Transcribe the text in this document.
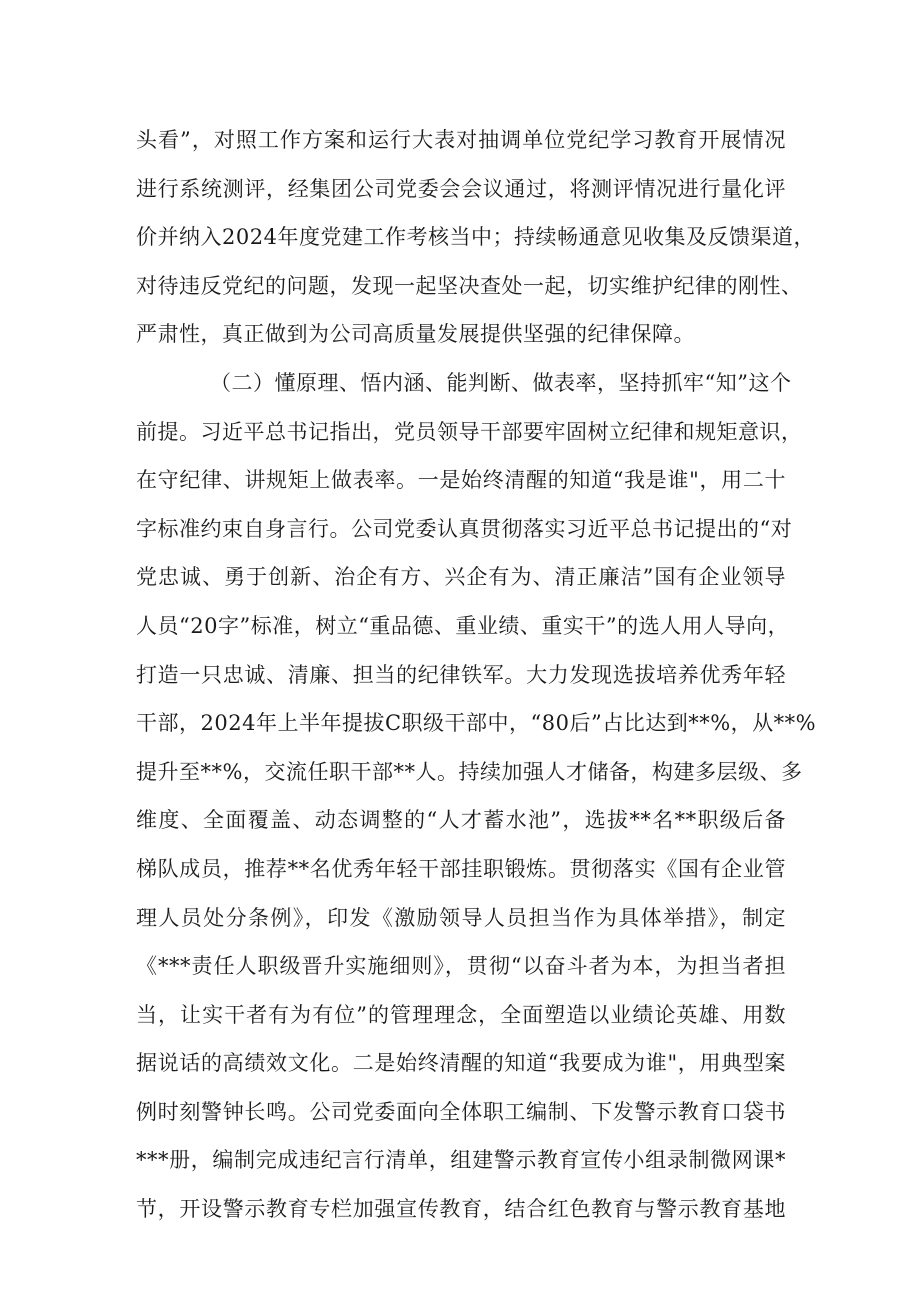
头看”，对照工作方案和运行大表对抽调单位党纪学习教育开展情况
进行系统测评，经集团公司党委会会议通过，将测评情况进行量化评
价并纳入2024年度党建工作考核当中；持续畅通意见收集及反馈渠道，
对待违反党纪的问题，发现一起坚决查处一起，切实维护纪律的刚性、
严肃性，真正做到为公司高质量发展提供坚强的纪律保障。
（二）懂原理、悟内涵、能判断、做表率，坚持抓牢“知”这个
前提。习近平总书记指出，党员领导干部要牢固树立纪律和规矩意识，
在守纪律、讲规矩上做表率。一是始终清醒的知道“我是谁"，用二十
字标准约束自身言行。公司党委认真贯彻落实习近平总书记提出的“对
党忠诚、勇于创新、治企有方、兴企有为、清正廉洁”国有企业领导
人员“20字”标准，树立“重品德、重业绩、重实干”的选人用人导向，
打造一只忠诚、清廉、担当的纪律铁军。大力发现选拔培养优秀年轻
干部，2024年上半年提拔C职级干部中，“80后”占比达到**%，从**%
提升至**%，交流任职干部**人。持续加强人才储备，构建多层级、多
维度、全面覆盖、动态调整的“人才蓄水池”，选拔**名**职级后备
梯队成员，推荐**名优秀年轻干部挂职锻炼。贯彻落实《国有企业管
理人员处分条例》，印发《激励领导人员担当作为具体举措》，制定
《***责任人职级晋升实施细则》，贯彻“以奋斗者为本，为担当者担
当，让实干者有为有位”的管理理念，全面塑造以业绩论英雄、用数
据说话的高绩效文化。二是始终清醒的知道“我要成为谁"，用典型案
例时刻警钟长鸣。公司党委面向全体职工编制、下发警示教育口袋书
***册，编制完成违纪言行清单，组建警示教育宣传小组录制微网课*
节，开设警示教育专栏加强宣传教育，结合红色教育与警示教育基地
